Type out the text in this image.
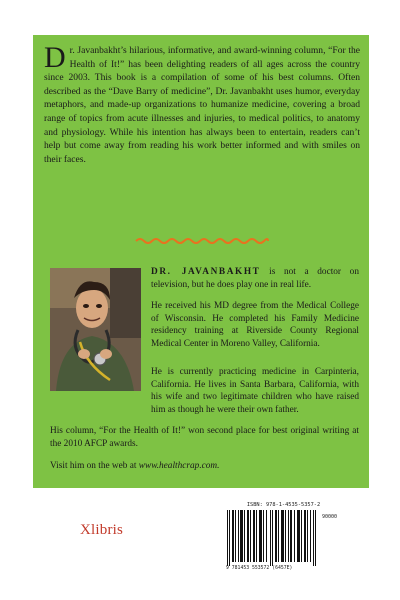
Dr. Javanbakht’s hilarious, informative, and award-winning column, “For the Health of It!” has been delighting readers of all ages across the country since 2003. This book is a compilation of some of his best columns. Often described as the “Dave Barry of medicine”, Dr. Javanbakht uses humor, everyday metaphors, and made-up organizations to humanize medicine, covering a broad range of topics from acute illnesses and injuries, to medical politics, to anatomy and physiology. While his intention has always been to entertain, readers can’t help but come away from reading his work better informed and with smiles on their faces.

DR. JAVANBAKHT is not a doctor on television, but he does play one in real life.

He received his MD degree from the Medical College of Wisconsin. He completed his Family Medicine residency training at Riverside County Regional Medical Center in Moreno Valley, California.

He is currently practicing medicine in Carpinteria, California. He lives in Santa Barbara, California, with his wife and two legitimate children who have raised him as though he were their own father.

His column, “For the Health of It!” won second place for best original writing at the 2010 AFCP awards.

Visit him on the web at www.healthcrap.com.

Xlibris
ISBN: 978-1-4535-5357-2
90000
9 781453 553572 (6457E)
